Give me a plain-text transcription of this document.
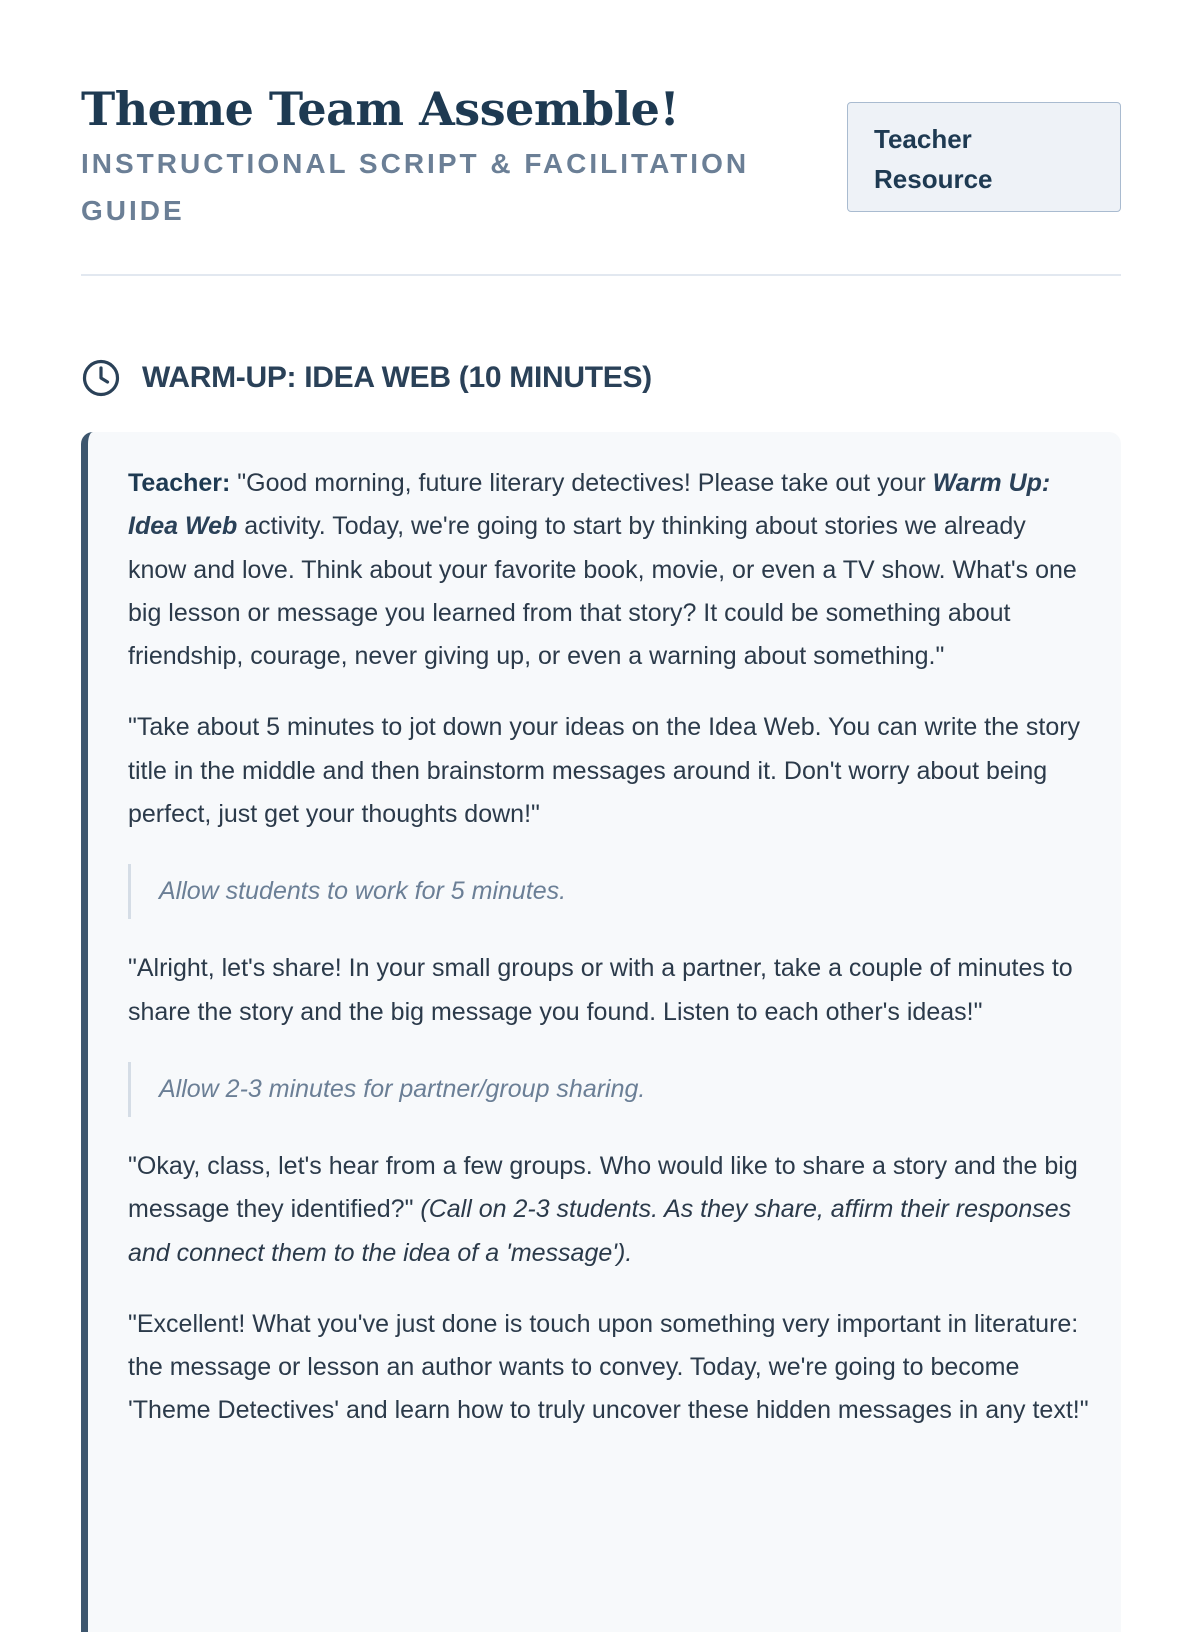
Theme Team Assemble!
INSTRUCTIONAL SCRIPT & FACILITATION GUIDE
Teacher Resource
WARM-UP: IDEA WEB (10 MINUTES)

Teacher: "Good morning, future literary detectives! Please take out your Warm Up: Idea Web activity. Today, we're going to start by thinking about stories we already know and love. Think about your favorite book, movie, or even a TV show. What's one big lesson or message you learned from that story? It could be something about friendship, courage, never giving up, or even a warning about something."

"Take about 5 minutes to jot down your ideas on the Idea Web. You can write the story title in the middle and then brainstorm messages around it. Don't worry about being perfect, just get your thoughts down!"

Allow students to work for 5 minutes.

"Alright, let's share! In your small groups or with a partner, take a couple of minutes to share the story and the big message you found. Listen to each other's ideas!"

Allow 2-3 minutes for partner/group sharing.

"Okay, class, let's hear from a few groups. Who would like to share a story and the big message they identified?" (Call on 2-3 students. As they share, affirm their responses and connect them to the idea of a 'message').

"Excellent! What you've just done is touch upon something very important in literature: the message or lesson an author wants to convey. Today, we're going to become 'Theme Detectives' and learn how to truly uncover these hidden messages in any text!"
